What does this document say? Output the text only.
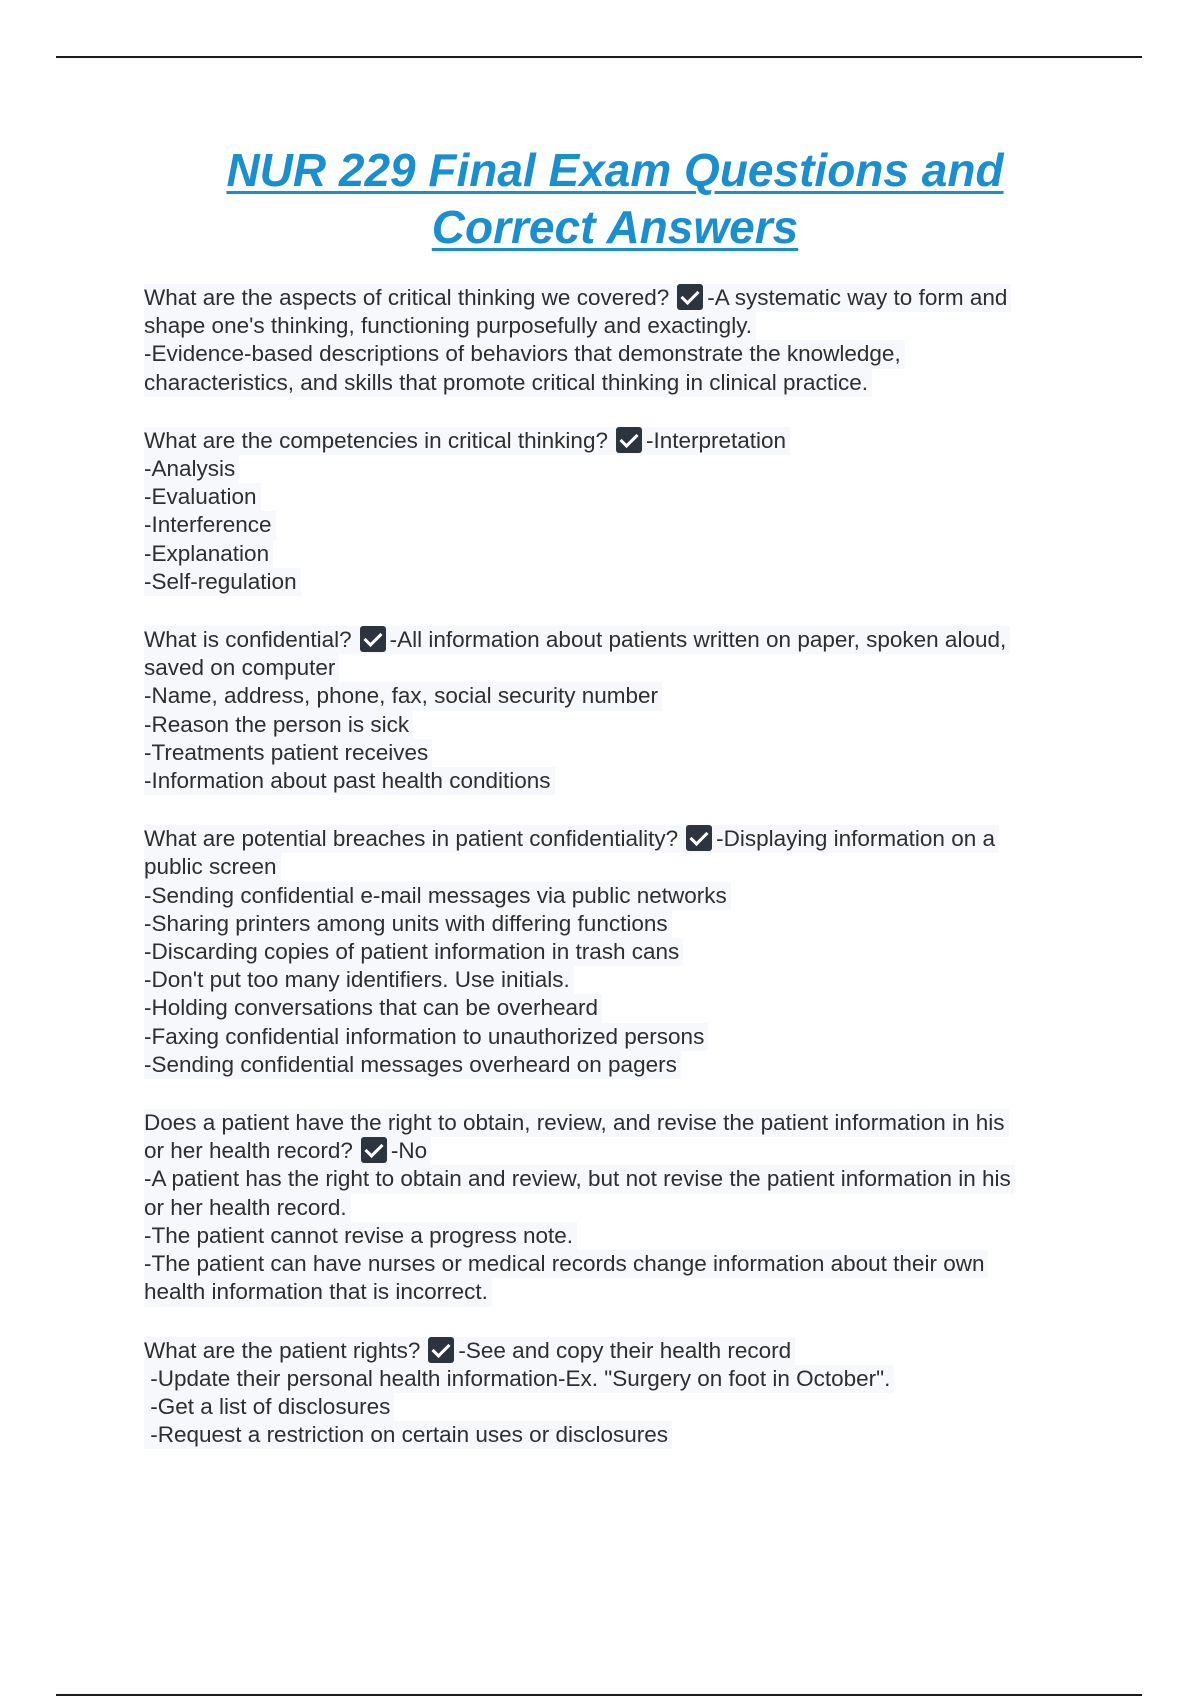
NUR 229 Final Exam Questions and
Correct Answers
What are the aspects of critical thinking we covered? -A systematic way to form and
shape one's thinking, functioning purposefully and exactingly.
-Evidence-based descriptions of behaviors that demonstrate the knowledge,
characteristics, and skills that promote critical thinking in clinical practice.
What are the competencies in critical thinking? -Interpretation
-Analysis
-Evaluation
-Interference
-Explanation
-Self-regulation
What is confidential? -All information about patients written on paper, spoken aloud,
saved on computer
-Name, address, phone, fax, social security number
-Reason the person is sick
-Treatments patient receives
-Information about past health conditions
What are potential breaches in patient confidentiality? -Displaying information on a
public screen
-Sending confidential e-mail messages via public networks
-Sharing printers among units with differing functions
-Discarding copies of patient information in trash cans
-Don't put too many identifiers. Use initials.
-Holding conversations that can be overheard
-Faxing confidential information to unauthorized persons
-Sending confidential messages overheard on pagers
Does a patient have the right to obtain, review, and revise the patient information in his
or her health record? -No
-A patient has the right to obtain and review, but not revise the patient information in his
or her health record.
-The patient cannot revise a progress note.
-The patient can have nurses or medical records change information about their own
health information that is incorrect.
What are the patient rights? -See and copy their health record
-Update their personal health information-Ex. "Surgery on foot in October".
-Get a list of disclosures
-Request a restriction on certain uses or disclosures
